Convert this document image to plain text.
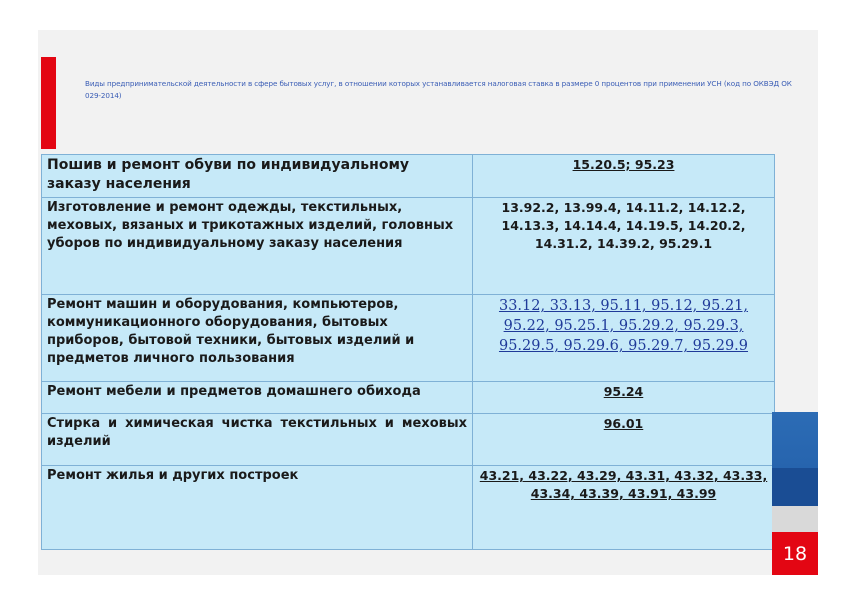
Виды предпринимательской деятельности в сфере бытовых услуг, в отношении которых устанавливается налоговая ставка в размере 0 процентов при применении УСН (код по ОКВЭД ОК 029-2014)
Пошив и ремонт обуви по индивидуальному заказу населения	15.20.5; 95.23
Изготовление и ремонт одежды, текстильных, меховых, вязаных и трикотажных изделий, головных уборов по индивидуальному заказу населения	13.92.2, 13.99.4, 14.11.2, 14.12.2, 14.13.3, 14.14.4, 14.19.5, 14.20.2, 14.31.2, 14.39.2, 95.29.1
Ремонт машин и оборудования, компьютеров, коммуникационного оборудования, бытовых приборов, бытовой техники, бытовых изделий и предметов личного пользования	33.12, 33.13, 95.11, 95.12, 95.21, 95.22, 95.25.1, 95.29.2, 95.29.3, 95.29.5, 95.29.6, 95.29.7, 95.29.9
Ремонт мебели и предметов домашнего обихода	95.24
Стирка и химическая чистка текстильных и меховых изделий	96.01
Ремонт жилья и других построек	43.21, 43.22, 43.29, 43.31, 43.32, 43.33, 43.34, 43.39, 43.91, 43.99
18
